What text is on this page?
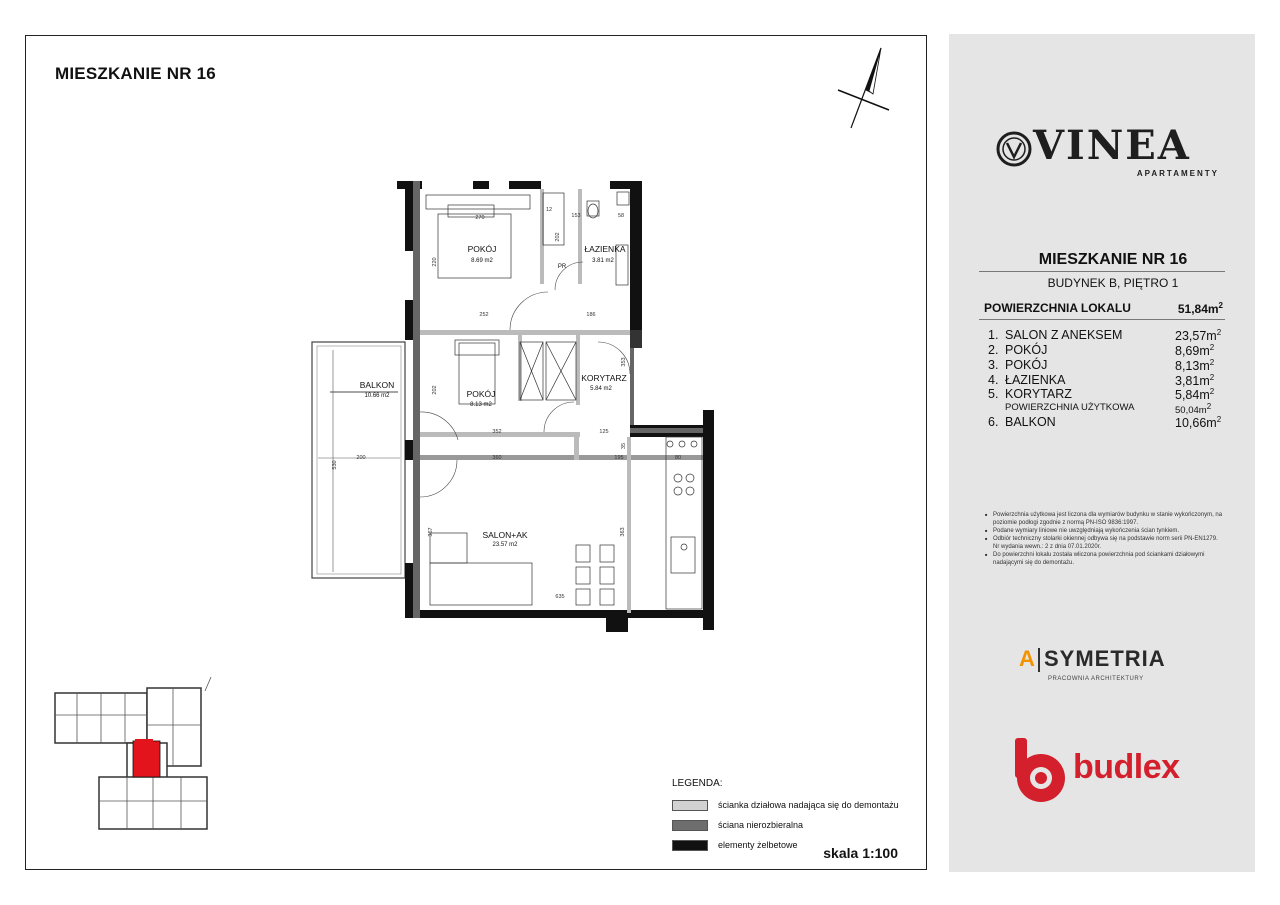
MIESZKANIE NR 16
LEGENDA:
ścianka działowa nadająca się do demontażu
ściana nierozbieralna
elementy żelbetowe skala 1:100
POKÓJ
8.69 m2
ŁAZIENKA
3.81 m2
POKÓJ
8.13 m2
KORYTARZ
5.84 m2
SALON+AK
23.57 m2
BALKON
10.66 m2
PR
270
202
153	58
12
220
252	186
353
202
352	125
360	195	80
35
363
367
635
200
530
VINEA
APARTAMENTY
MIESZKANIE NR 16
BUDYNEK B, PIĘTRO 1
POWIERZCHNIA LOKALU	$51,84m^2$
1. SALON Z ANEKSEM	$23,57m^2$
2. POKÓJ	$8,69m^2$
3. POKÓJ	$8,13m^2$
4. ŁAZIENKA	$3,81m^2$
5. KORYTARZ	$5,84m^2$
POWIERZCHNIA UŻYTKOWA	$50,04m^2$
6. BALKON	$10,66m^2$
■ Powierzchnia użytkowa jest liczona dla wymiarów budynku w stanie wykończonym, na poziomie podłogi zgodnie z normą PN-ISO 9836:1997.
■ Podane wymiary liniowe nie uwzględniają wykończenia ścian tynkiem.
■ Odbiór techniczny stolarki okiennej odbywa się na podstawie norm serii PN-EN1279. Nr wydania wewn.: 2 z dnia 07.01.2020r.
■ Do powierzchni lokalu została wliczona powierzchnia pod ściankami działowymi nadającymi się do demontażu.
A SYMETRIA
PRACOWNIA ARCHITEKTURY
budlex
